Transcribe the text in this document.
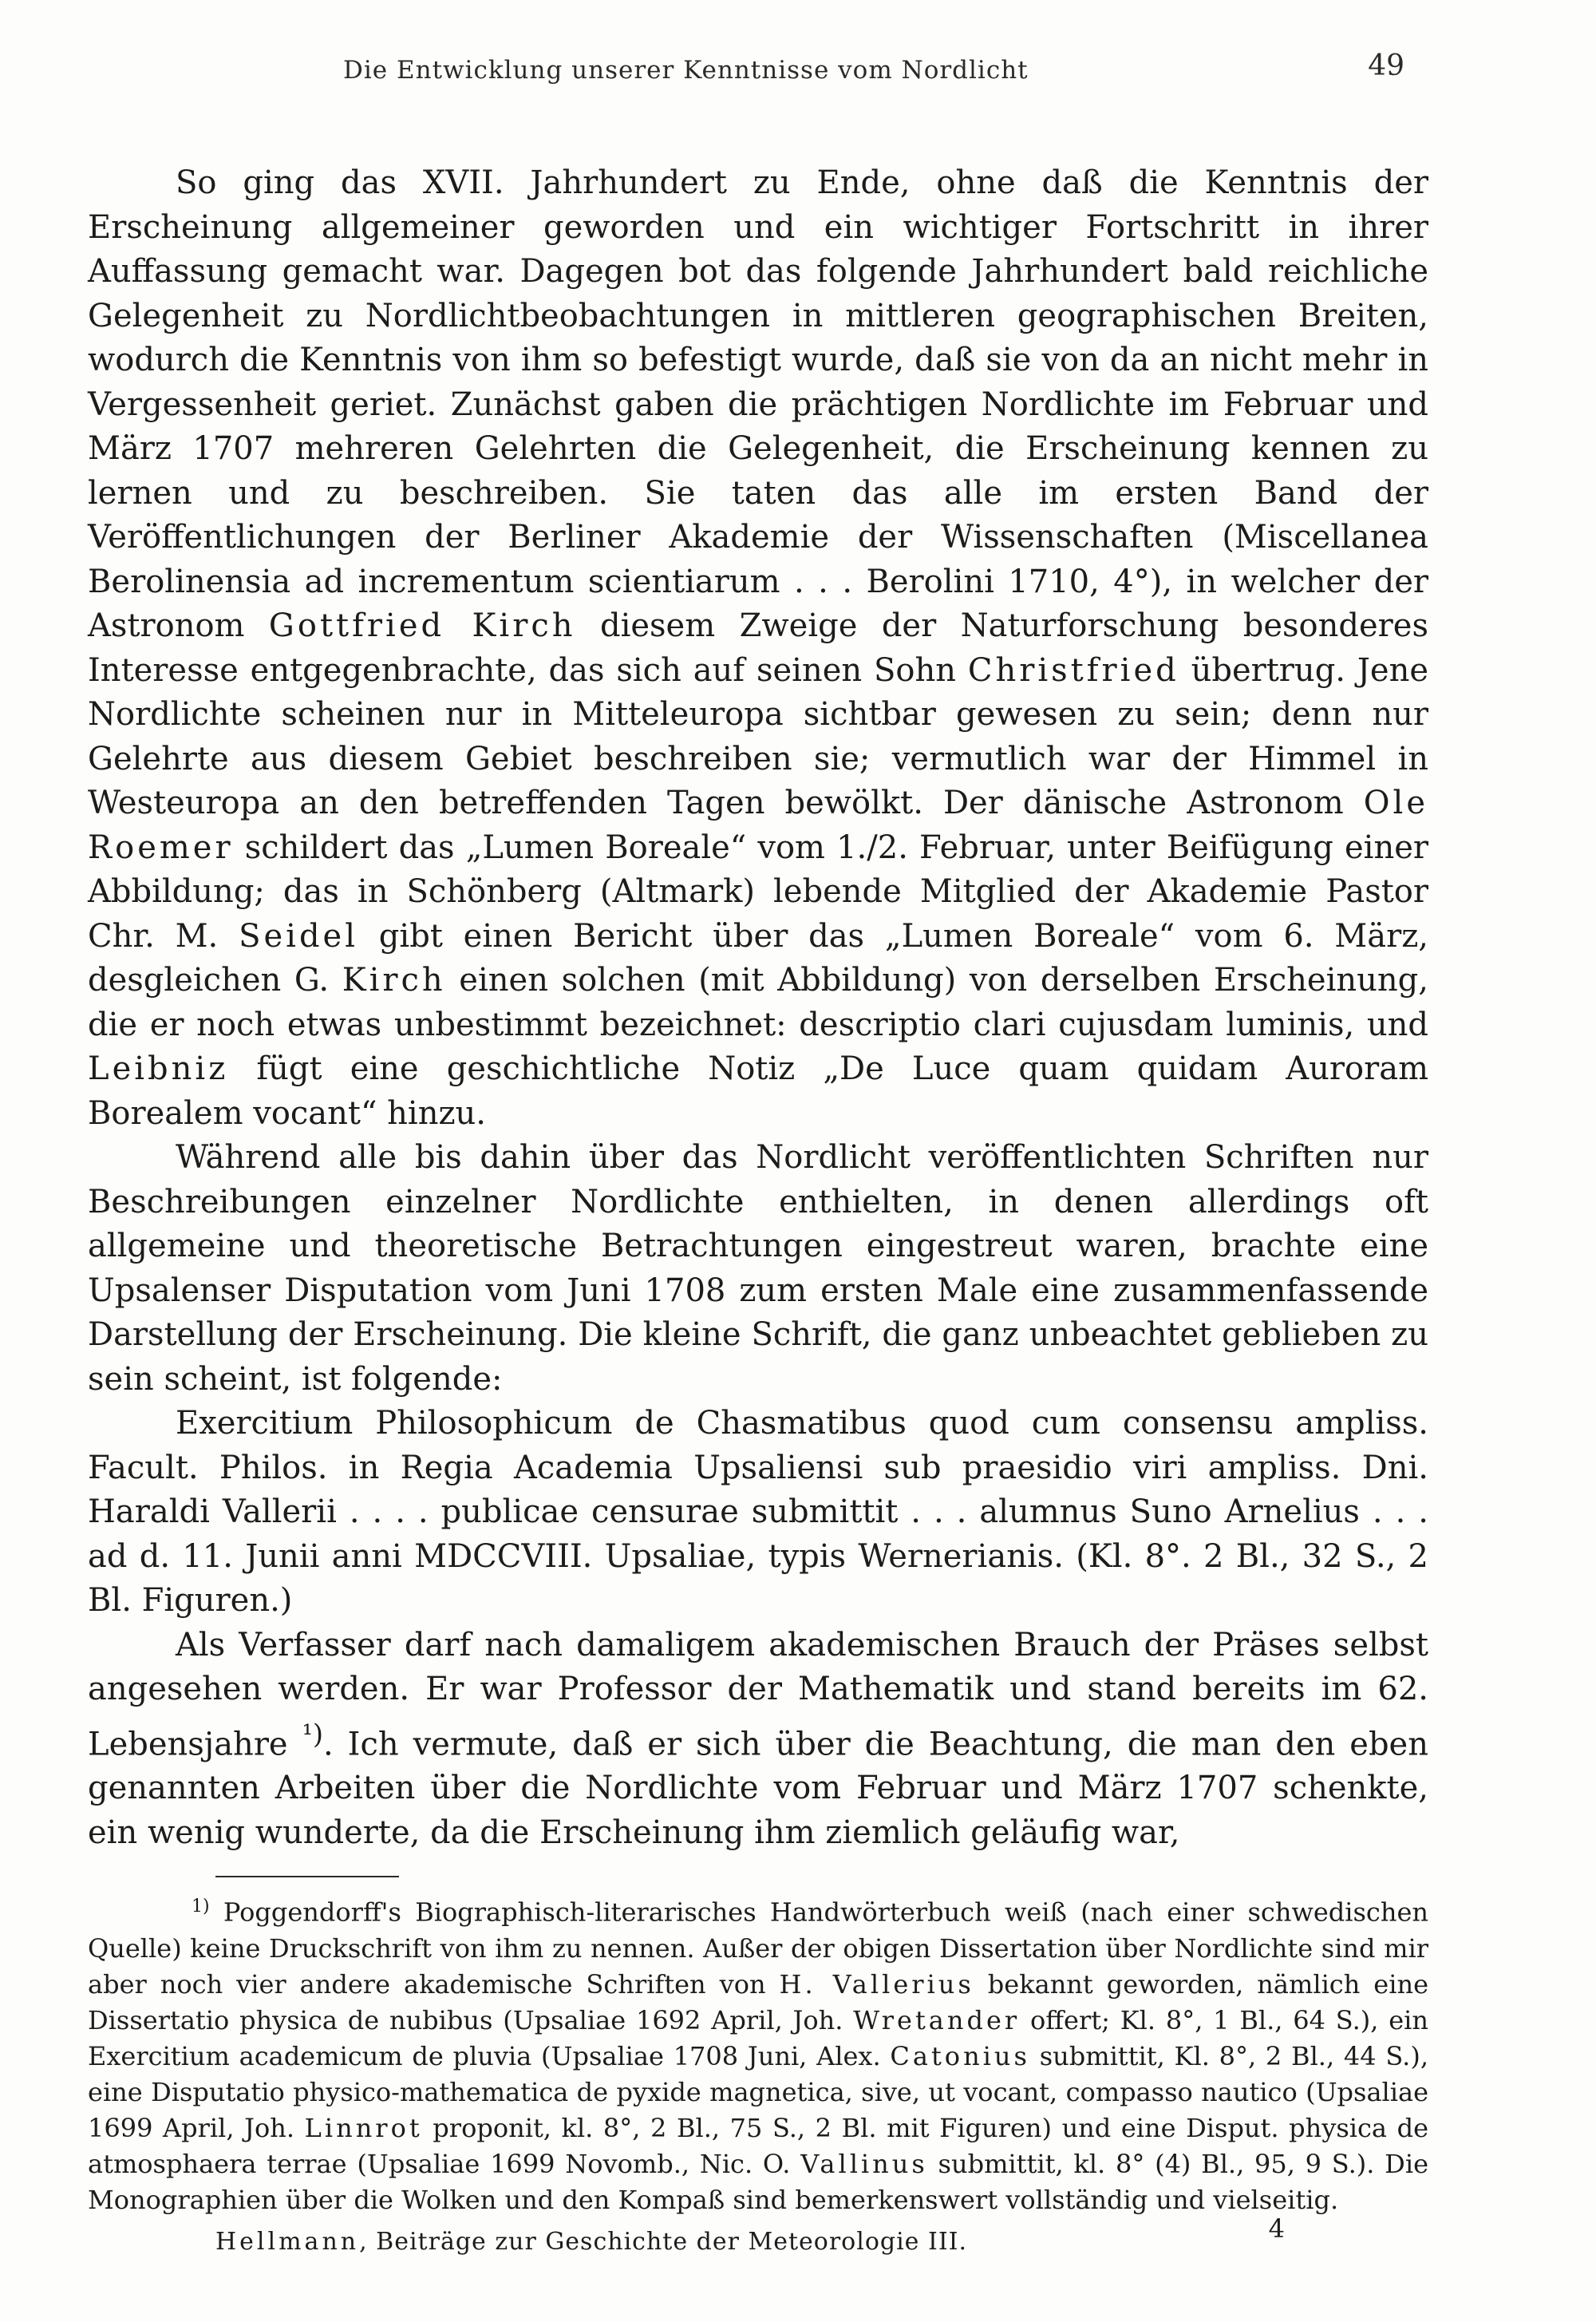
Die Entwicklung unserer Kenntnisse vom Nordlicht	49

So ging das XVII. Jahrhundert zu Ende, ohne daß die Kenntnis der Erscheinung allgemeiner geworden und ein wichtiger Fortschritt in ihrer Auffassung gemacht war. Dagegen bot das folgende Jahrhundert bald reichliche Gelegenheit zu Nordlichtbeobachtungen in mittleren geographischen Breiten, wodurch die Kenntnis von ihm so befestigt wurde, daß sie von da an nicht mehr in Vergessenheit geriet. Zunächst gaben die prächtigen Nordlichte im Februar und März 1707 mehreren Gelehrten die Gelegenheit, die Erscheinung kennen zu lernen und zu beschreiben. Sie taten das alle im ersten Band der Veröffentlichungen der Berliner Akademie der Wissenschaften (Miscellanea Berolinensia ad incrementum scientiarum . . . Berolini 1710, 4°), in welcher der Astronom Gottfried Kirch diesem Zweige der Naturforschung besonderes Interesse entgegenbrachte, das sich auf seinen Sohn Christfried übertrug. Jene Nordlichte scheinen nur in Mitteleuropa sichtbar gewesen zu sein; denn nur Gelehrte aus diesem Gebiet beschreiben sie; vermutlich war der Himmel in Westeuropa an den betreffenden Tagen bewölkt. Der dänische Astronom Ole Roemer schildert das „Lumen Boreale“ vom 1./2. Februar, unter Beifügung einer Abbildung; das in Schönberg (Altmark) lebende Mitglied der Akademie Pastor Chr. M. Seidel gibt einen Bericht über das „Lumen Boreale“ vom 6. März, desgleichen G. Kirch einen solchen (mit Abbildung) von derselben Erscheinung, die er noch etwas unbestimmt bezeichnet: descriptio clari cujusdam luminis, und Leibniz fügt eine geschichtliche Notiz „De Luce quam quidam Auroram Borealem vocant“ hinzu.

Während alle bis dahin über das Nordlicht veröffentlichten Schriften nur Beschreibungen einzelner Nordlichte enthielten, in denen allerdings oft allgemeine und theoretische Betrachtungen eingestreut waren, brachte eine Upsalenser Disputation vom Juni 1708 zum ersten Male eine zusammenfassende Darstellung der Erscheinung. Die kleine Schrift, die ganz unbeachtet geblieben zu sein scheint, ist folgende:

Exercitium Philosophicum de Chasmatibus quod cum consensu ampliss. Facult. Philos. in Regia Academia Upsaliensi sub praesidio viri ampliss. Dni. Haraldi Vallerii . . . . publicae censurae submittit . . . alumnus Suno Arnelius . . . ad d. 11. Junii anni MDCCVIII. Upsaliae, typis Wernerianis. (Kl. 8°. 2 Bl., 32 S., 2 Bl. Figuren.)

Als Verfasser darf nach damaligem akademischen Brauch der Präses selbst angesehen werden. Er war Professor der Mathematik und stand bereits im 62. Lebensjahre $^{^1)}$. Ich vermute, daß er sich über die Beachtung, die man den eben genannten Arbeiten über die Nordlichte vom Februar und März 1707 schenkte, ein wenig wunderte, da die Erscheinung ihm ziemlich geläufig war,

$^{1)}$ Poggendorff's Biographisch-literarisches Handwörterbuch weiß (nach einer schwedischen Quelle) keine Druckschrift von ihm zu nennen. Außer der obigen Dissertation über Nordlichte sind mir aber noch vier andere akademische Schriften von H. Vallerius bekannt geworden, nämlich eine Dissertatio physica de nubibus (Upsaliae 1692 April, Joh. Wretander offert; Kl. 8°, 1 Bl., 64 S.), ein Exercitium academicum de pluvia (Upsaliae 1708 Juni, Alex. Catonius submittit, Kl. 8°, 2 Bl., 44 S.), eine Disputatio physico-mathematica de pyxide magnetica, sive, ut vocant, compasso nautico (Upsaliae 1699 April, Joh. Linnrot proponit, kl. 8°, 2 Bl., 75 S., 2 Bl. mit Figuren) und eine Disput. physica de atmosphaera terrae (Upsaliae 1699 Novomb., Nic. O. Vallinus submittit, kl. 8° (4) Bl., 95, 9 S.). Die Monographien über die Wolken und den Kompaß sind bemerkenswert vollständig und vielseitig.
Hellmann, Beiträge zur Geschichte der Meteorologie III.	4
